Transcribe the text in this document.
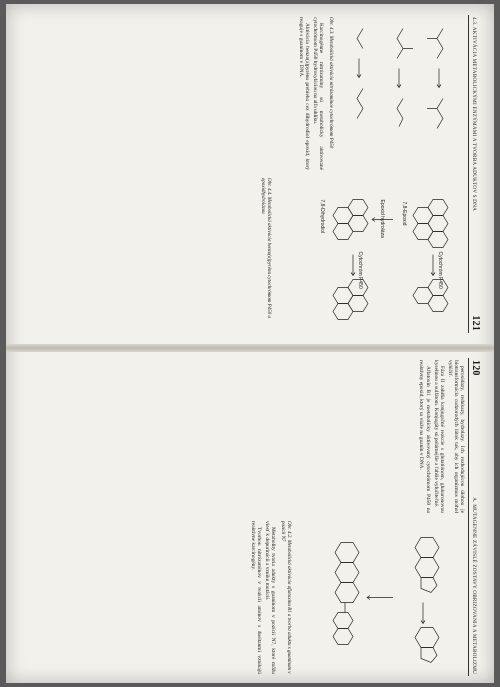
4.3. AKTIVÁCIA METABOLICKÝMI ENZÝMAMI A TVORBA ADUKTOV S DNA
121
Obr. 4.3. Metabolická aktivácia nitrózamínov cytochrómom P450

Karcinogénne nitrózamíny sú metabolicky aktivované cytochrómom P450 hydroxyláciou na alfa uhlíku.

Aktivácia benzo(a)pyrénu prebieha cez dihydrodiol epoxid, ktorý reaguje s guanínom v DNA.

Cytochróm P450
Epoxid hydroláza	7,8-Epoxid
7,8-Dihydrodiol
Cytochróm P450
Obr. 4.4. Metabolická aktivácia benzo(a)pyrénu cytochrómom P450 a epoxidhydrolázou
120
A. MUTAGENNE ZÁVISLÉ ZOSTAVY OBRIZOVANIA A METABOLIZMU

peroxidazy, redukazy, hydrolazy. Ich rozhodujúcou úlohou je biotransformácia cudzorodých látok tak, aby ich organizmus mohol vylúčiť.

Fáza II zahŕňa konjugačné reakcie s glutatiónom, glukuronovou kyselinou a sulfátom. Konjugáty sú polárnejšie a ľahšie vylučiteľné.

Aflatoxín B1 je metabolicky aktivovaný cytochrómom P450 na reaktívny epoxid, ktorý sa viaže na guanín v DNA.

Obr. 4.2. Metabolická aktivácia aflatoxínu B1 a tvorba aduktu s guanínom v pozícii N7

Metabolity tvoria adukty s guanínom v pozícii N7, ktoré môžu viesť k depurinácii a vzniku mutácií.

Tvorbou nitrózamínov v reakcii amínov s dusitanmi vznikajú reaktívne karcinogény.
